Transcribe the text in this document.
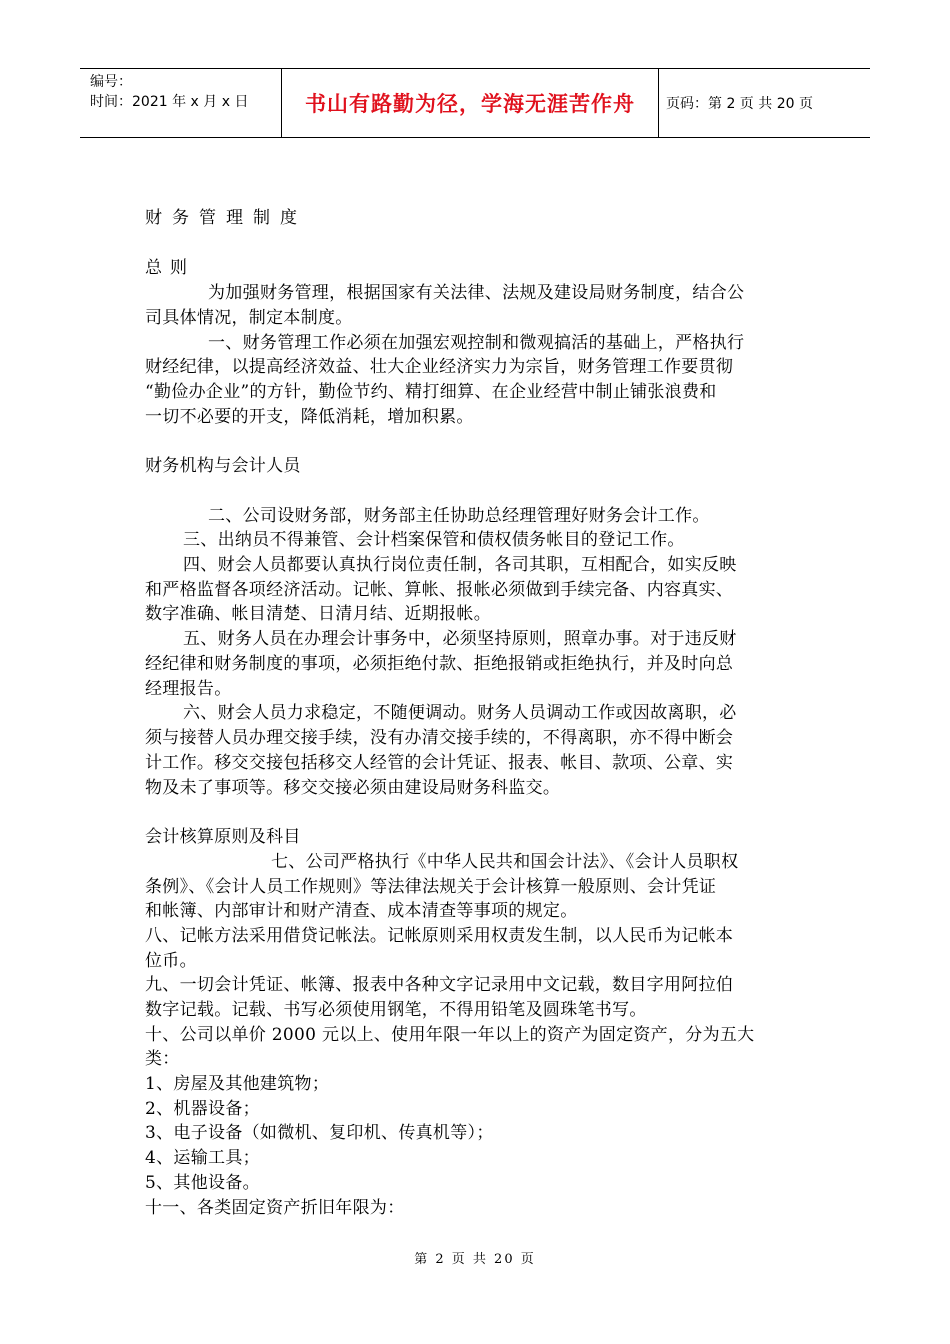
编号：
时间：2021 年 x 月 x 日	书山有路勤为径，学海无涯苦作舟	页码：第 2 页 共 20 页
财务管理制度
总则
为加强财务管理，根据国家有关法律、法规及建设局财务制度，结合公
司具体情况，制定本制度。
一、财务管理工作必须在加强宏观控制和微观搞活的基础上，严格执行
财经纪律，以提高经济效益、壮大企业经济实力为宗旨，财务管理工作要贯彻
“勤俭办企业”的方针，勤俭节约、精打细算、在企业经营中制止铺张浪费和
一切不必要的开支，降低消耗，增加积累。
财务机构与会计人员
二、公司设财务部，财务部主任协助总经理管理好财务会计工作。
三、出纳员不得兼管、会计档案保管和债权债务帐目的登记工作。
四、财会人员都要认真执行岗位责任制，各司其职，互相配合，如实反映
和严格监督各项经济活动。记帐、算帐、报帐必须做到手续完备、内容真实、
数字准确、帐目清楚、日清月结、近期报帐。
五、财务人员在办理会计事务中，必须坚持原则，照章办事。对于违反财
经纪律和财务制度的事项，必须拒绝付款、拒绝报销或拒绝执行，并及时向总
经理报告。
六、财会人员力求稳定，不随便调动。财务人员调动工作或因故离职，必
须与接替人员办理交接手续，没有办清交接手续的，不得离职，亦不得中断会
计工作。移交交接包括移交人经管的会计凭证、报表、帐目、款项、公章、实
物及未了事项等。移交交接必须由建设局财务科监交。
会计核算原则及科目
七、公司严格执行《中华人民共和国会计法》、《会计人员职权
条例》、《会计人员工作规则》等法律法规关于会计核算一般原则、会计凭证
和帐簿、内部审计和财产清查、成本清查等事项的规定。
八、记帐方法采用借贷记帐法。记帐原则采用权责发生制，以人民币为记帐本
位币。
九、一切会计凭证、帐簿、报表中各种文字记录用中文记载，数目字用阿拉伯
数字记载。记载、书写必须使用钢笔，不得用铅笔及圆珠笔书写。
十、公司以单价 2000 元以上、使用年限一年以上的资产为固定资产，分为五大
类：
1、房屋及其他建筑物；
2、机器设备；
3、电子设备（如微机、复印机、传真机等）；
4、运输工具；
5、其他设备。
十一、各类固定资产折旧年限为：
第 2 页 共 20 页
